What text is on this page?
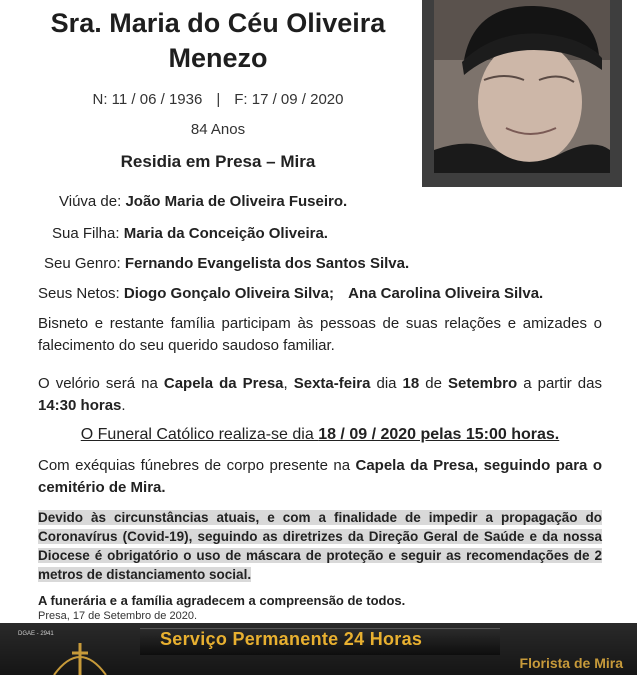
Sra. Maria do Céu Oliveira
Menezo
N: 11 / 06 / 1936 | F: 17 / 09 / 2020
84 Anos
Residia em Presa – Mira
Viúva de: João Maria de Oliveira Fuseiro.
Sua Filha: Maria da Conceição Oliveira.
Seu Genro: Fernando Evangelista dos Santos Silva.
Seus Netos: Diogo Gonçalo Oliveira Silva; Ana Carolina Oliveira Silva.
Bisneto e restante família participam às pessoas de suas relações e amizades o falecimento do seu querido saudoso familiar.
O velório será na Capela da Presa, Sexta-feira dia 18 de Setembro a partir das 14:30 horas.
O Funeral Católico realiza-se dia 18 / 09 / 2020 pelas 15:00 horas.
Com exéquias fúnebres de corpo presente na Capela da Presa, seguindo para o cemitério de Mira.
Devido às circunstâncias atuais, e com a finalidade de impedir a propagação do Coronavírus (Covid-19), seguindo as diretrizes da Direção Geral de Saúde e da nossa Diocese é obrigatório o uso de máscara de proteção e seguir as recomendações de 2 metros de distanciamento social.
A funerária e a família agradecem a compreensão de todos.
Presa, 17 de Setembro de 2020.
DGAE - 2941	Serviço Permanente 24 Horas
Florista de Mira
